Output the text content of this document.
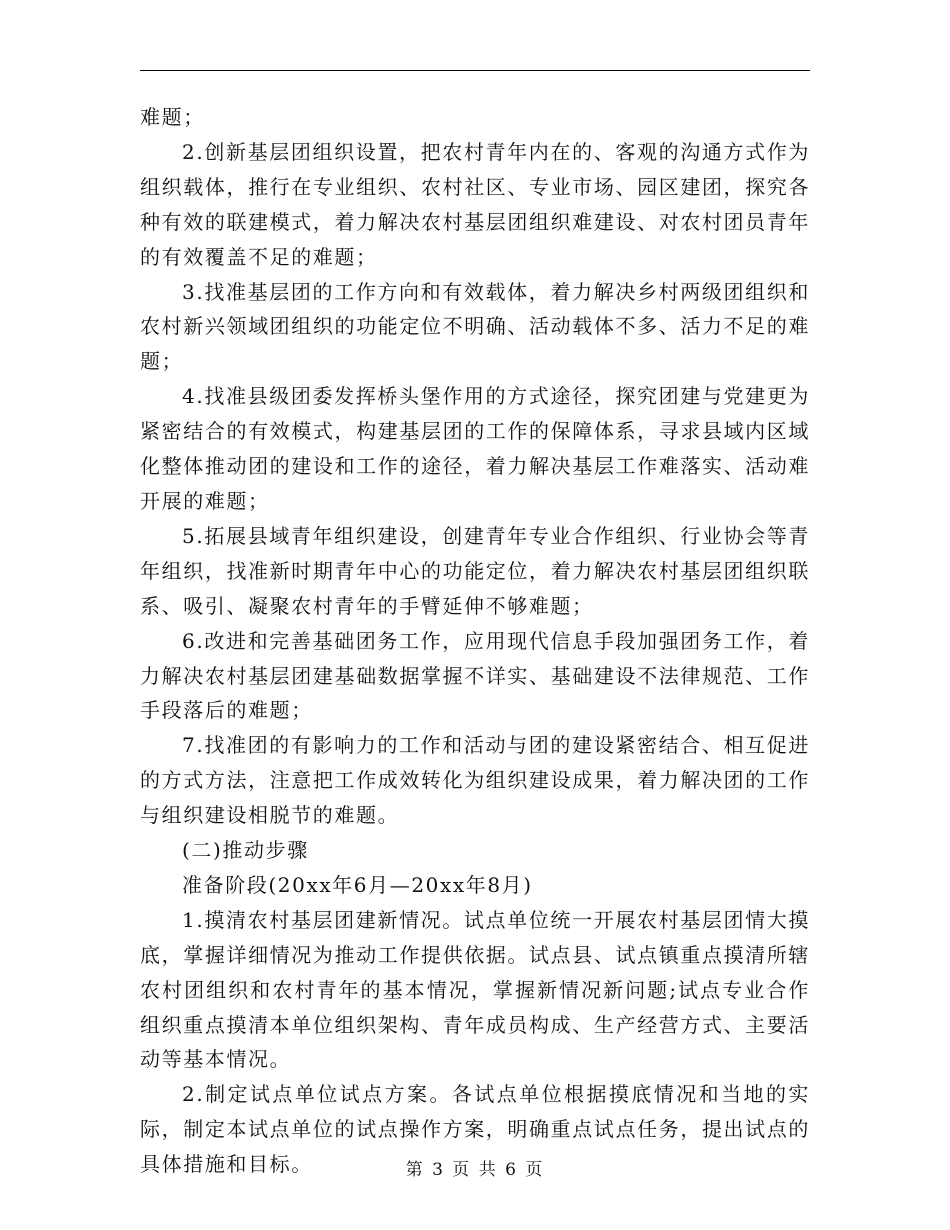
难题；

2.创新基层团组织设置，把农村青年内在的、客观的沟通方式作为组织载体，推行在专业组织、农村社区、专业市场、园区建团，探究各种有效的联建模式，着力解决农村基层团组织难建设、对农村团员青年的有效覆盖不足的难题；

3.找准基层团的工作方向和有效载体，着力解决乡村两级团组织和农村新兴领域团组织的功能定位不明确、活动载体不多、活力不足的难题；

4.找准县级团委发挥桥头堡作用的方式途径，探究团建与党建更为紧密结合的有效模式，构建基层团的工作的保障体系，寻求县域内区域化整体推动团的建设和工作的途径，着力解决基层工作难落实、活动难开展的难题；

5.拓展县域青年组织建设，创建青年专业合作组织、行业协会等青年组织，找准新时期青年中心的功能定位，着力解决农村基层团组织联系、吸引、凝聚农村青年的手臂延伸不够难题；

6.改进和完善基础团务工作，应用现代信息手段加强团务工作，着力解决农村基层团建基础数据掌握不详实、基础建设不法律规范、工作手段落后的难题；

7.找准团的有影响力的工作和活动与团的建设紧密结合、相互促进的方式方法，注意把工作成效转化为组织建设成果，着力解决团的工作与组织建设相脱节的难题。

(二)推动步骤

准备阶段(20xx年6月—20xx年8月)

1.摸清农村基层团建新情况。试点单位统一开展农村基层团情大摸底，掌握详细情况为推动工作提供依据。试点县、试点镇重点摸清所辖农村团组织和农村青年的基本情况，掌握新情况新问题;试点专业合作组织重点摸清本单位组织架构、青年成员构成、生产经营方式、主要活动等基本情况。

2.制定试点单位试点方案。各试点单位根据摸底情况和当地的实际，制定本试点单位的试点操作方案，明确重点试点任务，提出试点的具体措施和目标。	第 3 页 共 6 页
